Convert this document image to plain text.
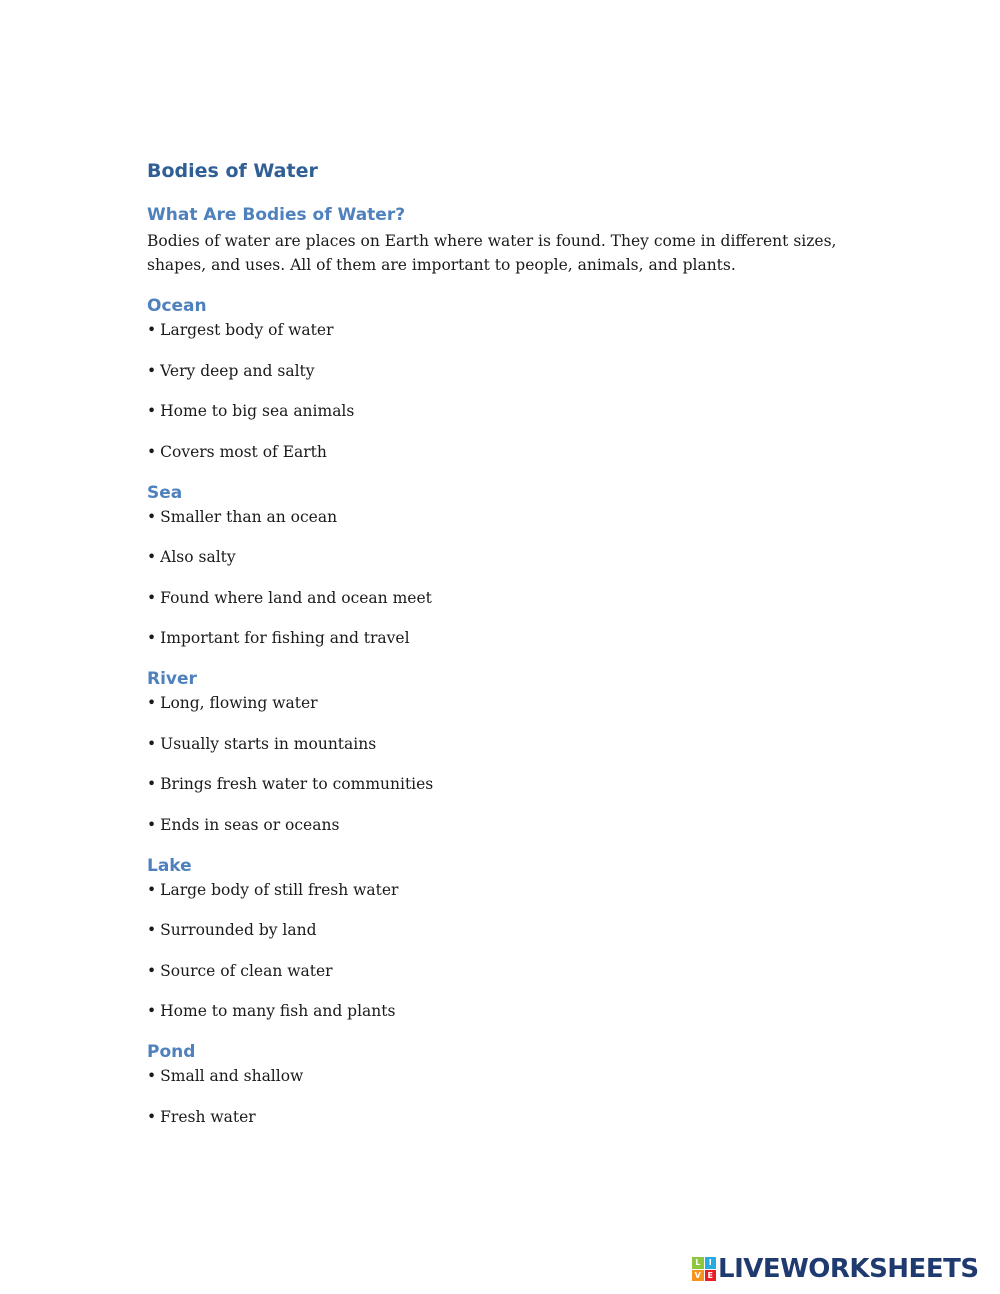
Bodies of Water
What Are Bodies of Water?

Bodies of water are places on Earth where water is found. They come in different sizes,
shapes, and uses. All of them are important to people, animals, and plants.

Ocean
• Largest body of water
• Very deep and salty
• Home to big sea animals
• Covers most of Earth
Sea
• Smaller than an ocean
• Also salty
• Found where land and ocean meet
• Important for fishing and travel
River
• Long, flowing water
• Usually starts in mountains
• Brings fresh water to communities
• Ends in seas or oceans
Lake
• Large body of still fresh water
• Surrounded by land
• Source of clean water
• Home to many fish and plants
Pond
• Small and shallow
• Fresh water
L	I
V E LIVEWORKSHEETS
